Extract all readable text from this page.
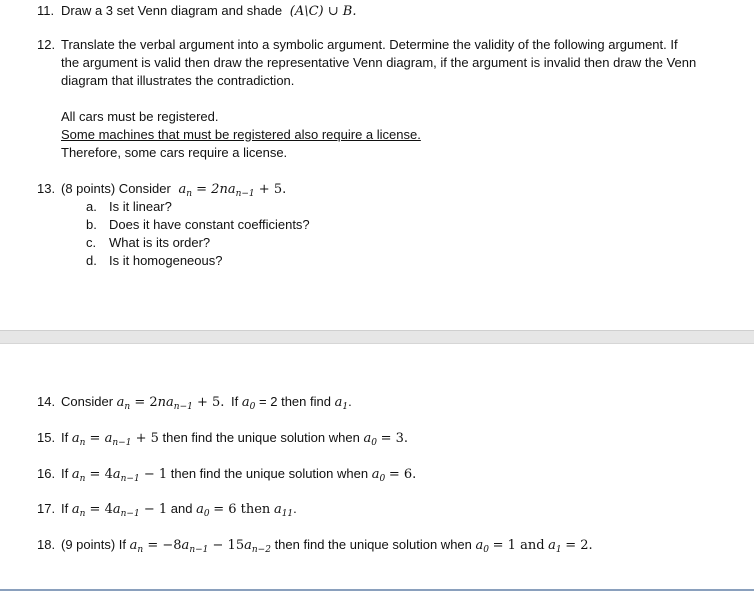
11. Draw a 3 set Venn diagram and shade (A\C) ∪ B.
12. Translate the verbal argument into a symbolic argument. Determine the validity of the following argument. If
the argument is valid then draw the representative Venn diagram, if the argument is invalid then draw the Venn
diagram that illustrates the contradiction.
All cars must be registered.
Some machines that must be registered also require a license.
Therefore, some cars require a license.
13. (8 points) Consider $a_n = 2na_{n-1} + 5$.
a. Is it linear?
b. Does it have constant coefficients?
c. What is its order?
d. Is it homogeneous?
14. Consider $a_n = 2na_{n-1} + 5$. If $a_0 = 2$ then find $a_1$.
15. If $a_n = a_{n-1} + 5$ then find the unique solution when $a_0 = 3$.
16. If $a_n = 4a_{n-1} - 1$ then find the unique solution when $a_0 = 6$.
17. If $a_n = 4a_{n-1} - 1$ and $a_0 = 6$ then $a_{11}$.
18. (9 points) If $a_n = -8a_{n-1} - 15a_{n-2}$ then find the unique solution when $a_0 = 1$ and $a_1 = 2$.
